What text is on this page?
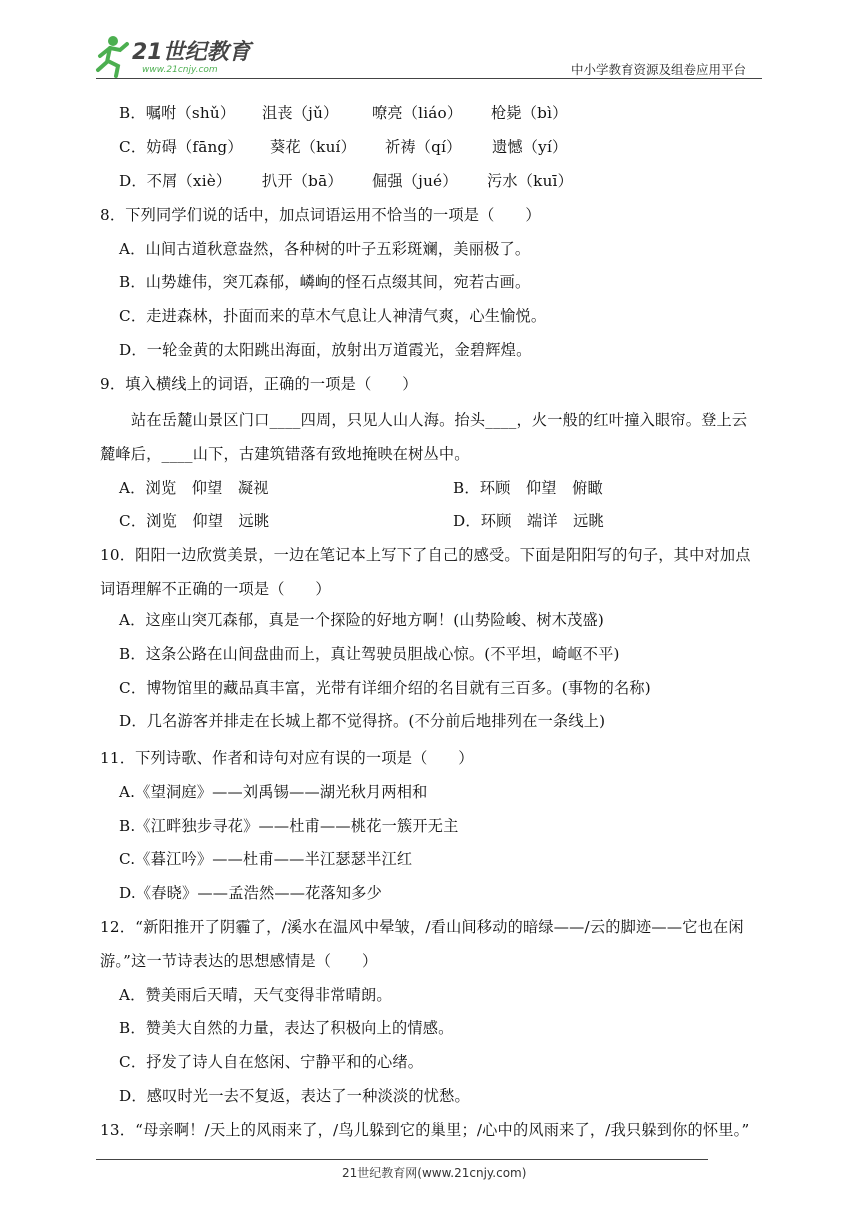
21世纪教育
www.21cnjy.com	中小学教育资源及组卷应用平台
B．嘱咐（shǔ） 沮丧（jǔ） 嘹亮（liáo） 枪毙（bì）
C．妨碍（fāng） 葵花（kuí） 祈祷（qí） 遗憾（yí）
D．不屑（xiè） 扒开（bā） 倔强（jué） 污水（kuī）
8．下列同学们说的话中，加点词语运用不恰当的一项是（　　）
A．山间古道秋意盎然，各种树的叶子五彩斑斓，美丽极了。
B．山势雄伟，突兀森郁，嶙峋的怪石点缀其间，宛若古画。
C．走进森林，扑面而来的草木气息让人神清气爽，心生愉悦。
D．一轮金黄的太阳跳出海面，放射出万道霞光，金碧辉煌。
9．填入横线上的词语，正确的一项是（　　）
站在岳麓山景区门口____四周，只见人山人海。抬头____，火一般的红叶撞入眼帘。登上云
麓峰后，____山下，古建筑错落有致地掩映在树丛中。
A．浏览　仰望　凝视	B．环顾　仰望　俯瞰
C．浏览　仰望　远眺	D．环顾　端详　远眺
10．阳阳一边欣赏美景，一边在笔记本上写下了自己的感受。下面是阳阳写的句子，其中对加点
词语理解不正确的一项是（　　）
A．这座山突兀森郁，真是一个探险的好地方啊！(山势险峻、树木茂盛)
B．这条公路在山间盘曲而上，真让驾驶员胆战心惊。(不平坦，崎岖不平)
C．博物馆里的藏品真丰富，光带有详细介绍的名目就有三百多。(事物的名称)
D．几名游客并排走在长城上都不觉得挤。(不分前后地排列在一条线上)
11．下列诗歌、作者和诗句对应有误的一项是（　　）
A.《望洞庭》——刘禹锡——湖光秋月两相和
B.《江畔独步寻花》——杜甫——桃花一簇开无主
C.《暮江吟》——杜甫——半江瑟瑟半江红
D.《春晓》——孟浩然——花落知多少
12．“新阳推开了阴霾了，/溪水在温风中晕皱，/看山间移动的暗绿——/云的脚迹——它也在闲
游。”这一节诗表达的思想感情是（　　）
A．赞美雨后天晴，天气变得非常晴朗。
B．赞美大自然的力量，表达了积极向上的情感。
C．抒发了诗人自在悠闲、宁静平和的心绪。
D．感叹时光一去不复返，表达了一种淡淡的忧愁。
13．“母亲啊！/天上的风雨来了，/鸟儿躲到它的巢里；/心中的风雨来了，/我只躲到你的怀里。”
21世纪教育网(www.21cnjy.com)
